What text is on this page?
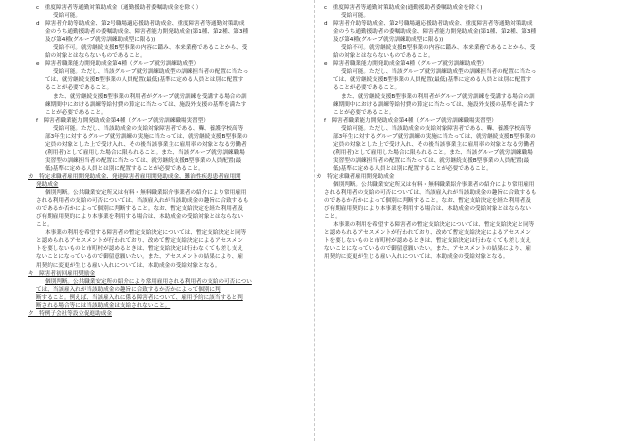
c　重度障害者等通勤対策助成金（通勤援助者委嘱助成金を除く）
受給可能。
d　障害者介助等助成金、第2号職場適応援助者助成金、重度障害者等通勤対策助成
金のうち通勤援助者の委嘱助成金、障害者能力開発助成金(第1種、第2種、第3種
及び第4種(グループ就労訓練助成型に限る))
受給不可。就労継続支援B型事業の内容に鑑み、本来業務であることから、受
給の対象とはならないものであること。
e　障害者職業能力開発助成金第4種（グループ就労訓練助成型）
受給可能。ただし、当該グループ就労訓練助成型の訓練担当者の配置に当たっ
ては、就労継続支援B型事業の人員配置(最低)基準に定める人員とは別に配置す
ることが必要であること。
また、就労継続支援B型事業の利用者がグループ就労訓練を受講する場合の訓
練期間中における訓練等給付費の算定に当たっては、施設外支援の基準を満たす
ことが必要であること。
f　障害者職業能力開発助成金第4種（グループ就労訓練職場実習型）
受給可能。ただし、当該助成金の支給対象障害者である、聾、養護学校高等
部3年生に対するグループ就労訓練の実施に当たっては、就労継続支援B型事業の
定員の対象とした上で受け入れ、その後当該事業主に雇用率の対象となる労働者
(利用者)として雇用した場合に限られること。また、当該グループ就労訓練職場
実習型の訓練担当者の配置に当たっては、就労継続支援B型事業の人員配置(最
低)基準に定める人員とは別に配置することが必要であること。
カ　特定求職者雇用開発助成金、発達障害者雇用開発助成金、難治性疾患患者雇用開
発助成金
個別判断。公共職業安定所又は有料・無料職業紹介事業者の紹介により常用雇用
される利用者の支給の可否については、当該雇入れが当該助成金の趣旨に合致するも
のであるか否かによって個別に判断すること。なお、暫定支給決定を経た利用者及
び有期雇用契約により本事業を利用する場合は、本助成金の受給対象とはならない
こと。
本事業の利用を希望する障害者の暫定支給決定については、暫定支給決定と同等
と認められるアセスメントが行われており、改めて暫定支給決定によるアセスメン
トを要しないものと市町村が認めるときは、暫定支給決定は行わなくても差し支え
ないことになっているので御留意願いたい。また、アセスメントの結果により、雇
用契約に変更が生じる雇い入れについては、本助成金の受給対象となる。
キ　障害者初回雇用奨励金
個別判断。公共職業安定所の紹介により常用雇用される利用者の支給の可否につい
ては、当該雇入れが当該助成金の趣旨に合致するか否かによって個別に判
断すること。例えば、当該雇入れに係る障害者について、雇用予約に該当すると判
断される場合等には当該助成金は支給されないこと。
ク　特例子会社等設立促進助成金
c　重度障害者等通勤対策助成金(通勤援助者委嘱助成金を除く)
受給可能。
d　障害者介助等助成金、第2号職場適応援助者助成金、重度障害者等通勤対策助成
金のうち通勤援助者の委嘱助成金、障害者能力開発助成金(第1種、第2種、第3種
及び第4種(グループ就労訓練助成型に限る))
受給不可。就労継続支援B型事業の内容に鑑み、本来業務であることから、受
給の対象とはならないものであること。
e　障害者職業能力開発助成金第4種（グループ就労訓練助成型）
受給可能。ただし、当該グループ就労訓練助成型の訓練担当者の配置に当たっ
ては、就労継続支援B型事業の人員配置(最低)基準に定める人員とは別に配置す
ることが必要であること。
また、就労継続支援B型事業の利用者がグループ就労訓練を受講する場合の訓
練期間中における訓練等給付費の算定に当たっては、施設外支援の基準を満たす
ことが必要であること。
f　障害者職業能力開発助成金第4種（グループ就労訓練職場実習型）
受給可能。ただし、当該助成金の支給対象障害者である、聾、養護学校高等
部3年生に対するグループ就労訓練の実施に当たっては、就労継続支援B型事業の
定員の対象とした上で受け入れ、その後当該事業主に雇用率の対象となる労働者
(利用者)として雇用した場合に限られること。また、当該グループ就労訓練職場
実習型の訓練担当者の配置に当たっては、就労継続支援B型事業の人員配置(最
低)基準に定める人員とは別に配置することが必要であること。
カ　特定求職者雇用開発助成金
個別判断。公共職業安定所又は有料・無料職業紹介事業者の紹介により常用雇用
される利用者の支給の可否については、当該雇入れが当該助成金の趣旨に合致するも
のであるか否かによって個別に判断すること。なお、暫定支給決定を経た利用者及
び有期雇用契約により本事業を利用する場合は、本助成金の受給対象とはならない
こと。
本事業の利用を希望する障害者の暫定支給決定については、暫定支給決定と同等
と認められるアセスメントが行われており、改めて暫定支給決定によるアセスメン
トを要しないものと市町村が認めるときは、暫定支給決定は行わなくても差し支え
ないことになっているので御留意願いたい。また、アセスメントの結果により、雇
用契約に変更が生じる雇い入れについては、本助成金の受給対象となる。
